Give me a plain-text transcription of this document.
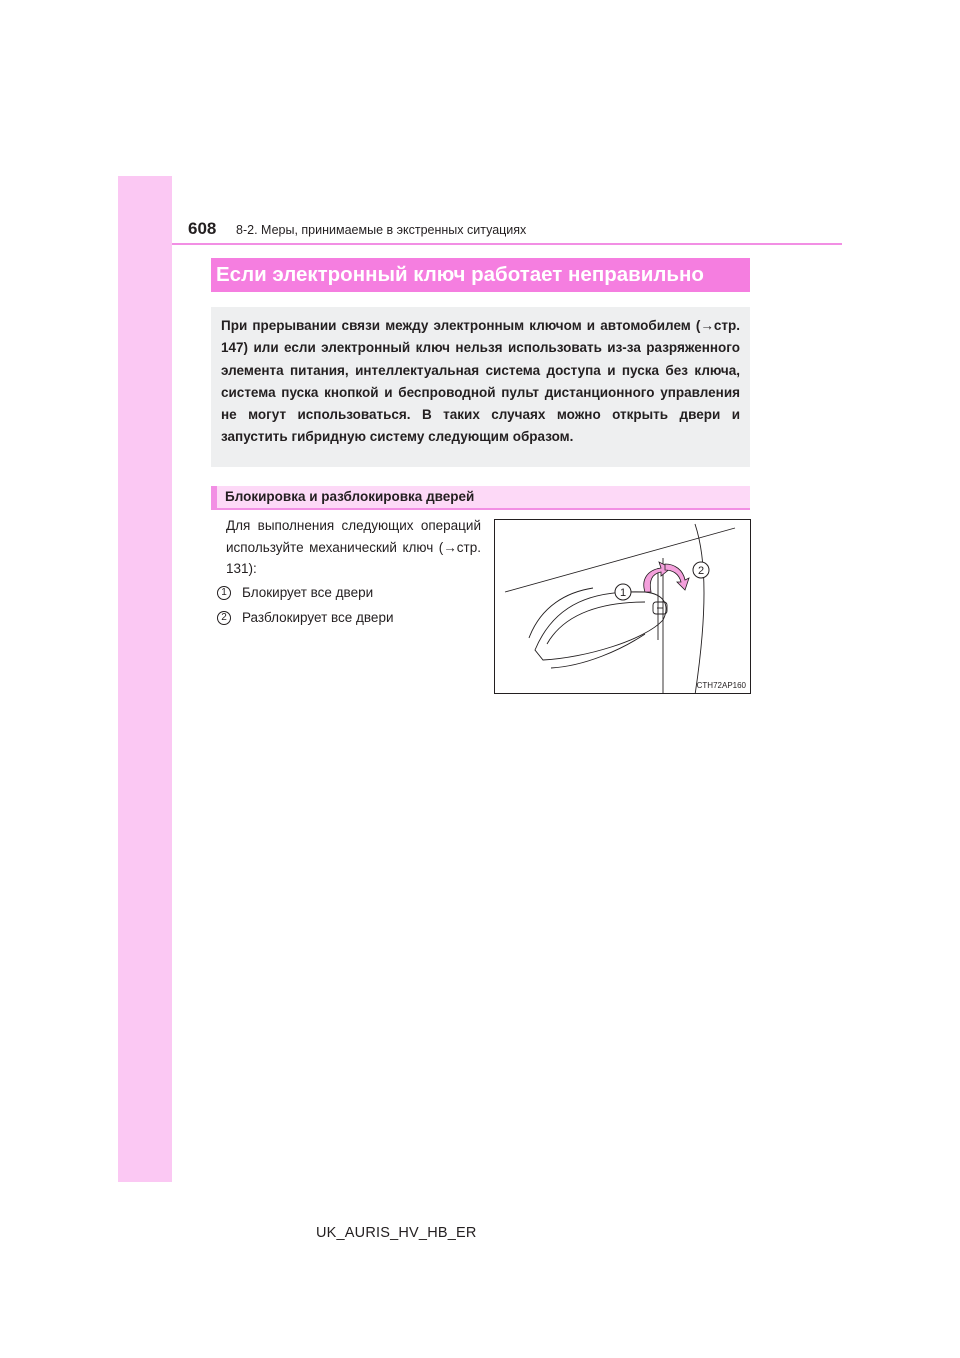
608 8-2. Меры, принимаемые в экстренных ситуациях
Если электронный ключ работает неправильно
При прерывании связи между электронным ключом и автомобилем (→стр. 147) или если электронный ключ нельзя использовать из-за разряженного элемента питания, интеллектуальная система доступа и пуска без ключа, система пуска кнопкой и беспроводной пульт дистанционного управления не могут использоваться. В таких случаях можно открыть двери и запустить гибридную систему следующим образом.
Блокировка и разблокировка дверей
Для выполнения следующих операций используйте механический ключ (→стр. 131):
1	Блокирует все двери
2	Разблокирует все двери
1
2
CTH72AP160
UK_AURIS_HV_HB_ER
